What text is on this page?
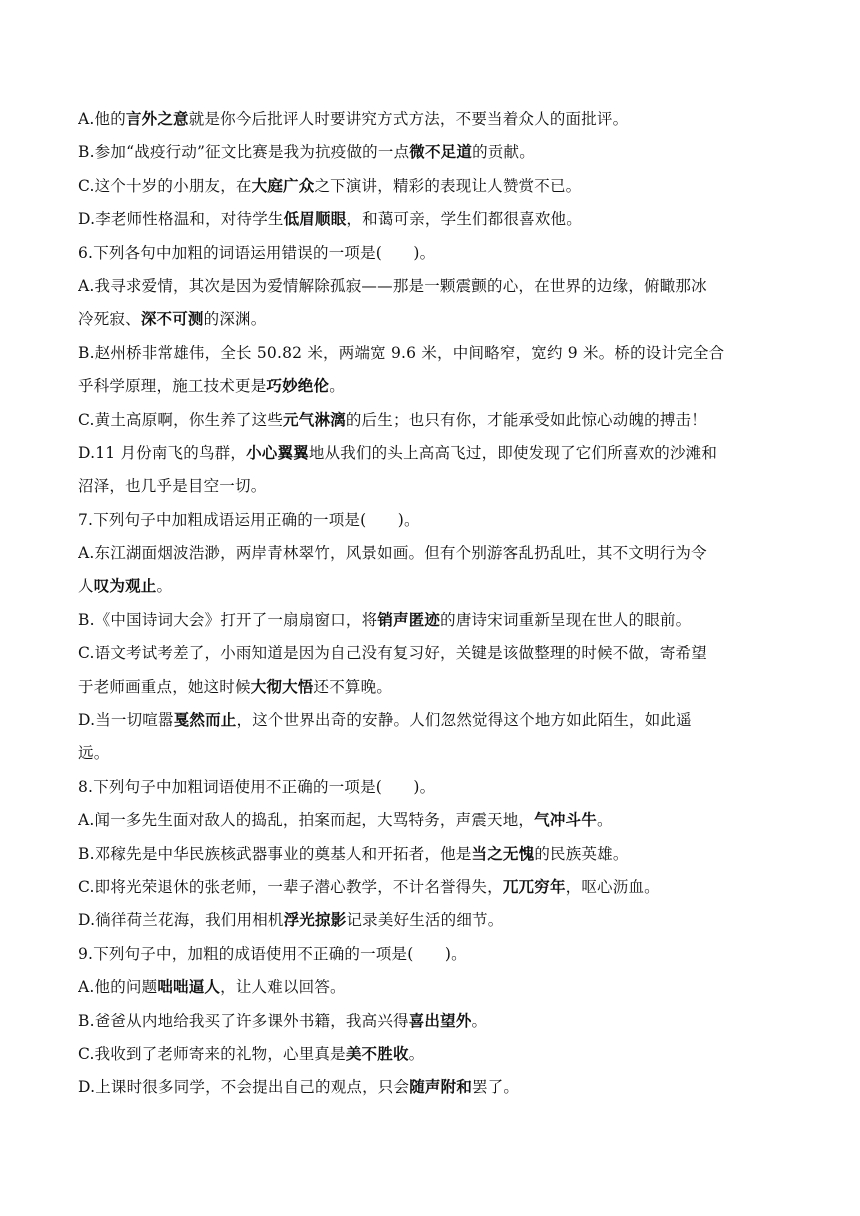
A.他的言外之意就是你今后批评人时要讲究方式方法，不要当着众人的面批评。
B.参加“战疫行动”征文比赛是我为抗疫做的一点微不足道的贡献。
C.这个十岁的小朋友，在大庭广众之下演讲，精彩的表现让人赞赏不已。
D.李老师性格温和，对待学生低眉顺眼，和蔼可亲，学生们都很喜欢他。
6.下列各句中加粗的词语运用错误的一项是(　　)。
A.我寻求爱情，其次是因为爱情解除孤寂——那是一颗震颤的心，在世界的边缘，俯瞰那冰
冷死寂、深不可测的深渊。
B.赵州桥非常雄伟，全长 50.82 米，两端宽 9.6 米，中间略窄，宽约 9 米。桥的设计完全合
乎科学原理，施工技术更是巧妙绝伦。
C.黄土高原啊，你生养了这些元气淋漓的后生；也只有你，才能承受如此惊心动魄的搏击！
D.11 月份南飞的鸟群，小心翼翼地从我们的头上高高飞过，即使发现了它们所喜欢的沙滩和
沼泽，也几乎是目空一切。
7.下列句子中加粗成语运用正确的一项是(　　)。
A.东江湖面烟波浩渺，两岸青林翠竹，风景如画。但有个别游客乱扔乱吐，其不文明行为令
人叹为观止。
B.《中国诗词大会》打开了一扇扇窗口，将销声匿迹的唐诗宋词重新呈现在世人的眼前。
C.语文考试考差了，小雨知道是因为自己没有复习好，关键是该做整理的时候不做，寄希望
于老师画重点，她这时候大彻大悟还不算晚。
D.当一切喧嚣戛然而止，这个世界出奇的安静。人们忽然觉得这个地方如此陌生，如此遥
远。
8.下列句子中加粗词语使用不正确的一项是(　　)。
A.闻一多先生面对敌人的捣乱，拍案而起，大骂特务，声震天地，气冲斗牛。
B.邓稼先是中华民族核武器事业的奠基人和开拓者，他是当之无愧的民族英雄。
C.即将光荣退休的张老师，一辈子潜心教学，不计名誉得失，兀兀穷年，呕心沥血。
D.徜徉荷兰花海，我们用相机浮光掠影记录美好生活的细节。
9.下列句子中，加粗的成语使用不正确的一项是(　　)。
A.他的问题咄咄逼人，让人难以回答。
B.爸爸从内地给我买了许多课外书籍，我高兴得喜出望外。
C.我收到了老师寄来的礼物，心里真是美不胜收。
D.上课时很多同学，不会提出自己的观点，只会随声附和罢了。
